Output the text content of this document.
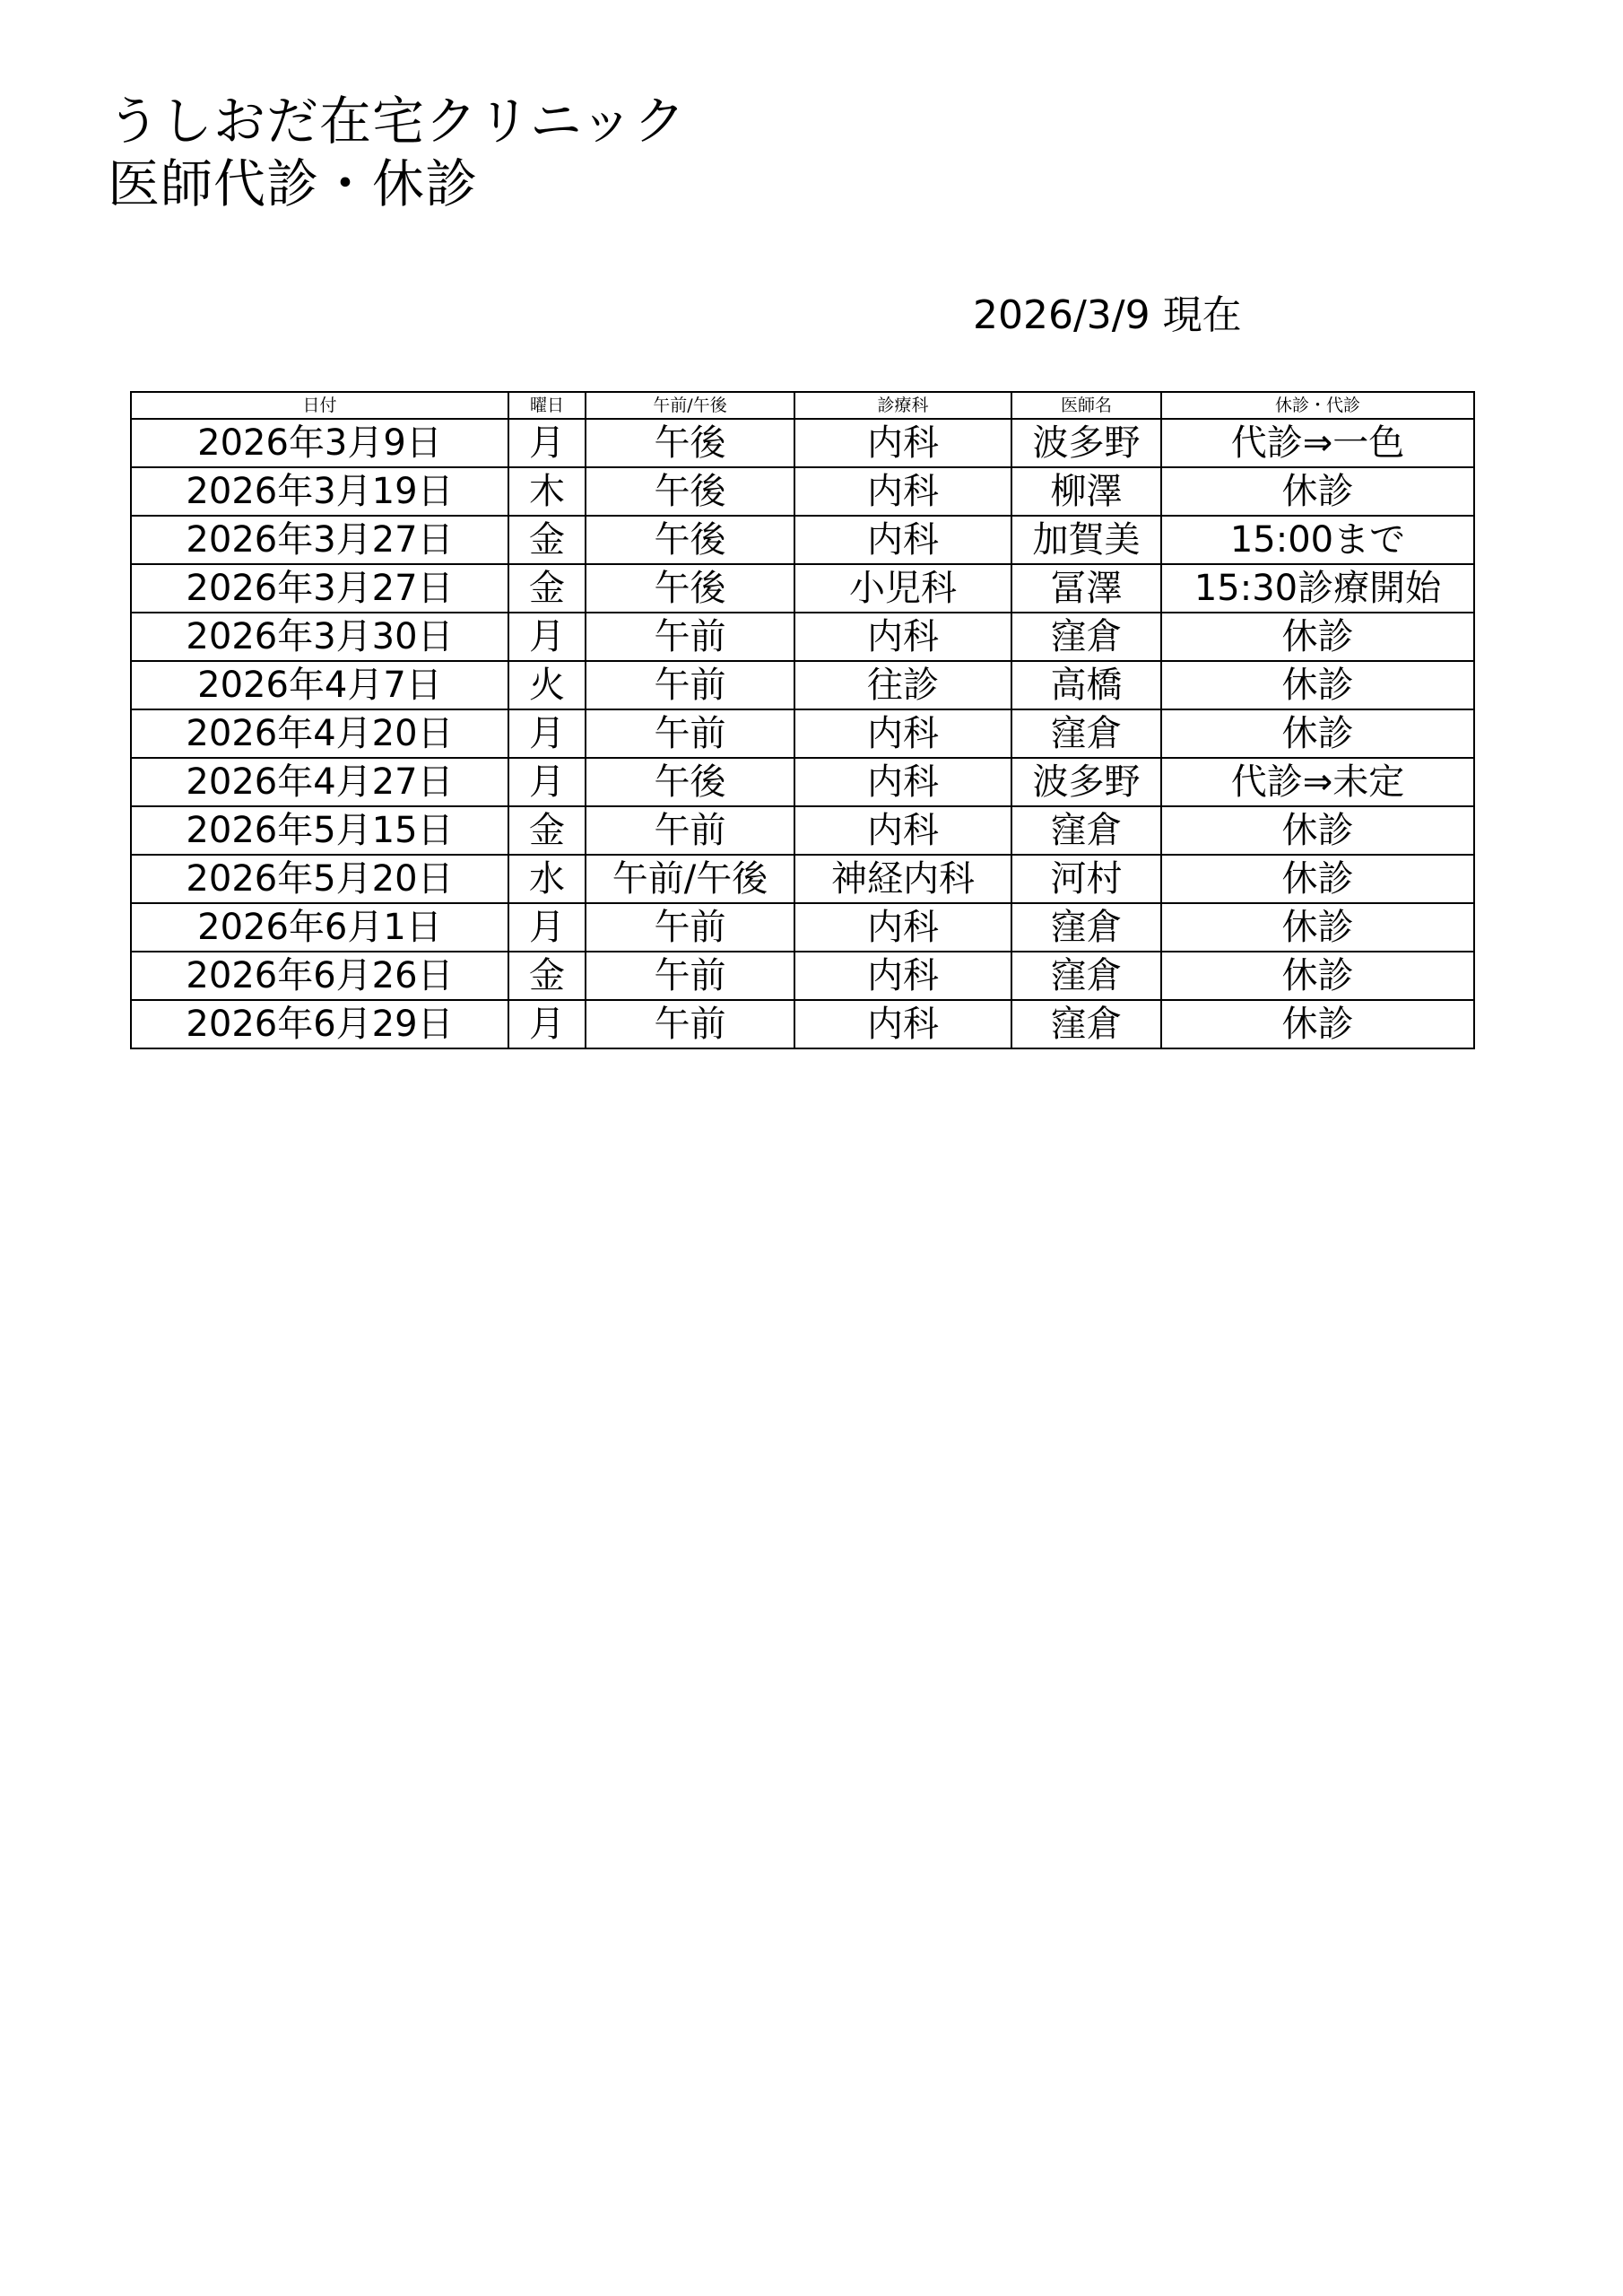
うしおだ在宅クリニック
医師代診・休診
2026/3/9 現在
日付	曜日	午前/午後	診療科	医師名	休診・代診
2026年3月9日	月	午後	内科	波多野	代診⇒一色
2026年3月19日	木	午後	内科	柳澤	休診
2026年3月27日	金	午後	内科	加賀美	15:00まで
2026年3月27日	金	午後	小児科	冨澤	15:30診療開始
2026年3月30日	月	午前	内科	窪倉	休診
2026年4月7日	火	午前	往診	高橋	休診
2026年4月20日	月	午前	内科	窪倉	休診
2026年4月27日	月	午後	内科	波多野	代診⇒未定
2026年5月15日	金	午前	内科	窪倉	休診
2026年5月20日	水	午前/午後	神経内科	河村	休診
2026年6月1日	月	午前	内科	窪倉	休診
2026年6月26日	金	午前	内科	窪倉	休診
2026年6月29日	月	午前	内科	窪倉	休診
